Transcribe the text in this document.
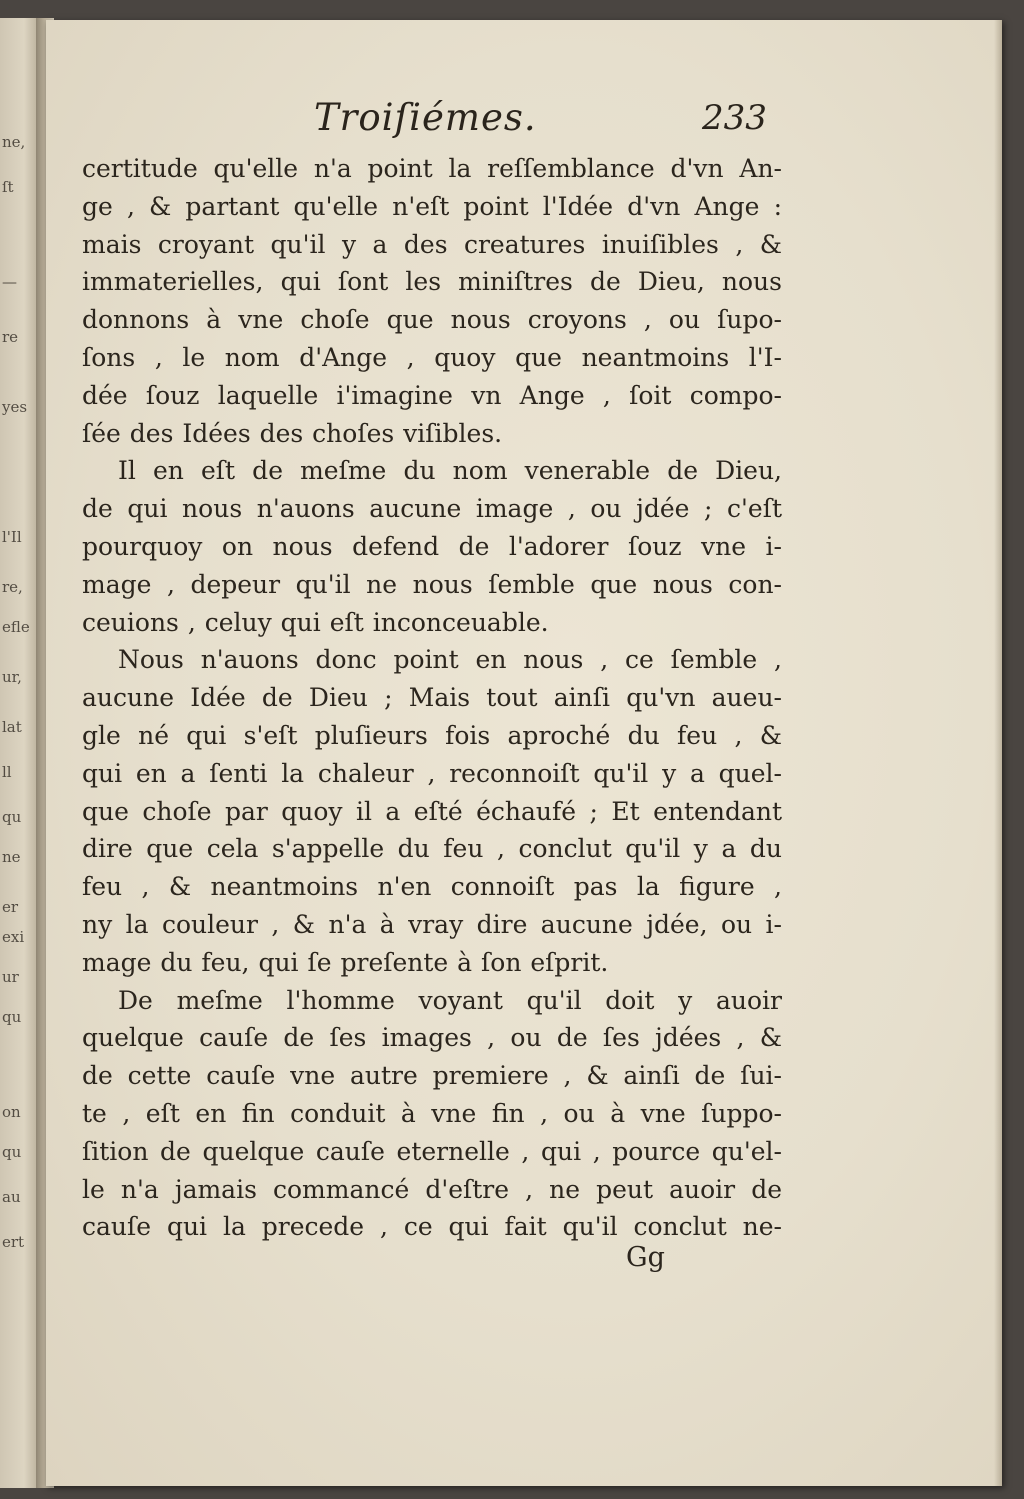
ne,
ſt
—
re
yes
l'Il
re,
efle
ur,
lat
ll
qu
ne
er
exi
ur
qu
on
qu
au
ert
Troiſiémes.	233
certitude qu'elle n'a point la reſſemblance d'vn An-
ge , & partant qu'elle n'eſt point l'Idée d'vn Ange :
mais croyant qu'il y a des creatures inuiſibles , &
immaterielles, qui ſont les miniſtres de Dieu, nous
donnons à vne choſe que nous croyons , ou ſupo-
ſons , le nom d'Ange , quoy que neantmoins l'I-
dée ſouz laquelle i'imagine vn Ange , ſoit compo-
ſée des Idées des choſes viſibles.
Il en eſt de meſme du nom venerable de Dieu,
de qui nous n'auons aucune image , ou jdée ; c'eſt
pourquoy on nous defend de l'adorer ſouz vne i-
mage , depeur qu'il ne nous ſemble que nous con-
ceuions , celuy qui eſt inconceuable.
Nous n'auons donc point en nous , ce ſemble ,
aucune Idée de Dieu ; Mais tout ainſi qu'vn aueu-
gle né qui s'eſt pluſieurs fois aproché du feu , &
qui en a ſenti la chaleur , reconnoiſt qu'il y a quel-
que choſe par quoy il a eſté échaufé ; Et entendant
dire que cela s'appelle du feu , conclut qu'il y a du
feu , & neantmoins n'en connoiſt pas la figure ,
ny la couleur , & n'a à vray dire aucune jdée, ou i-
mage du feu, qui ſe preſente à ſon eſprit.
De meſme l'homme voyant qu'il doit y auoir
quelque cauſe de ſes images , ou de ſes jdées , &
de cette cauſe vne autre premiere , & ainſi de ſui-
te , eſt en fin conduit à vne fin , ou à vne ſuppo-
ſition de quelque cauſe eternelle , qui , pource qu'el-
le n'a jamais commancé d'eſtre , ne peut auoir de
cauſe qui la precede , ce qui fait qu'il conclut ne-
Gg
